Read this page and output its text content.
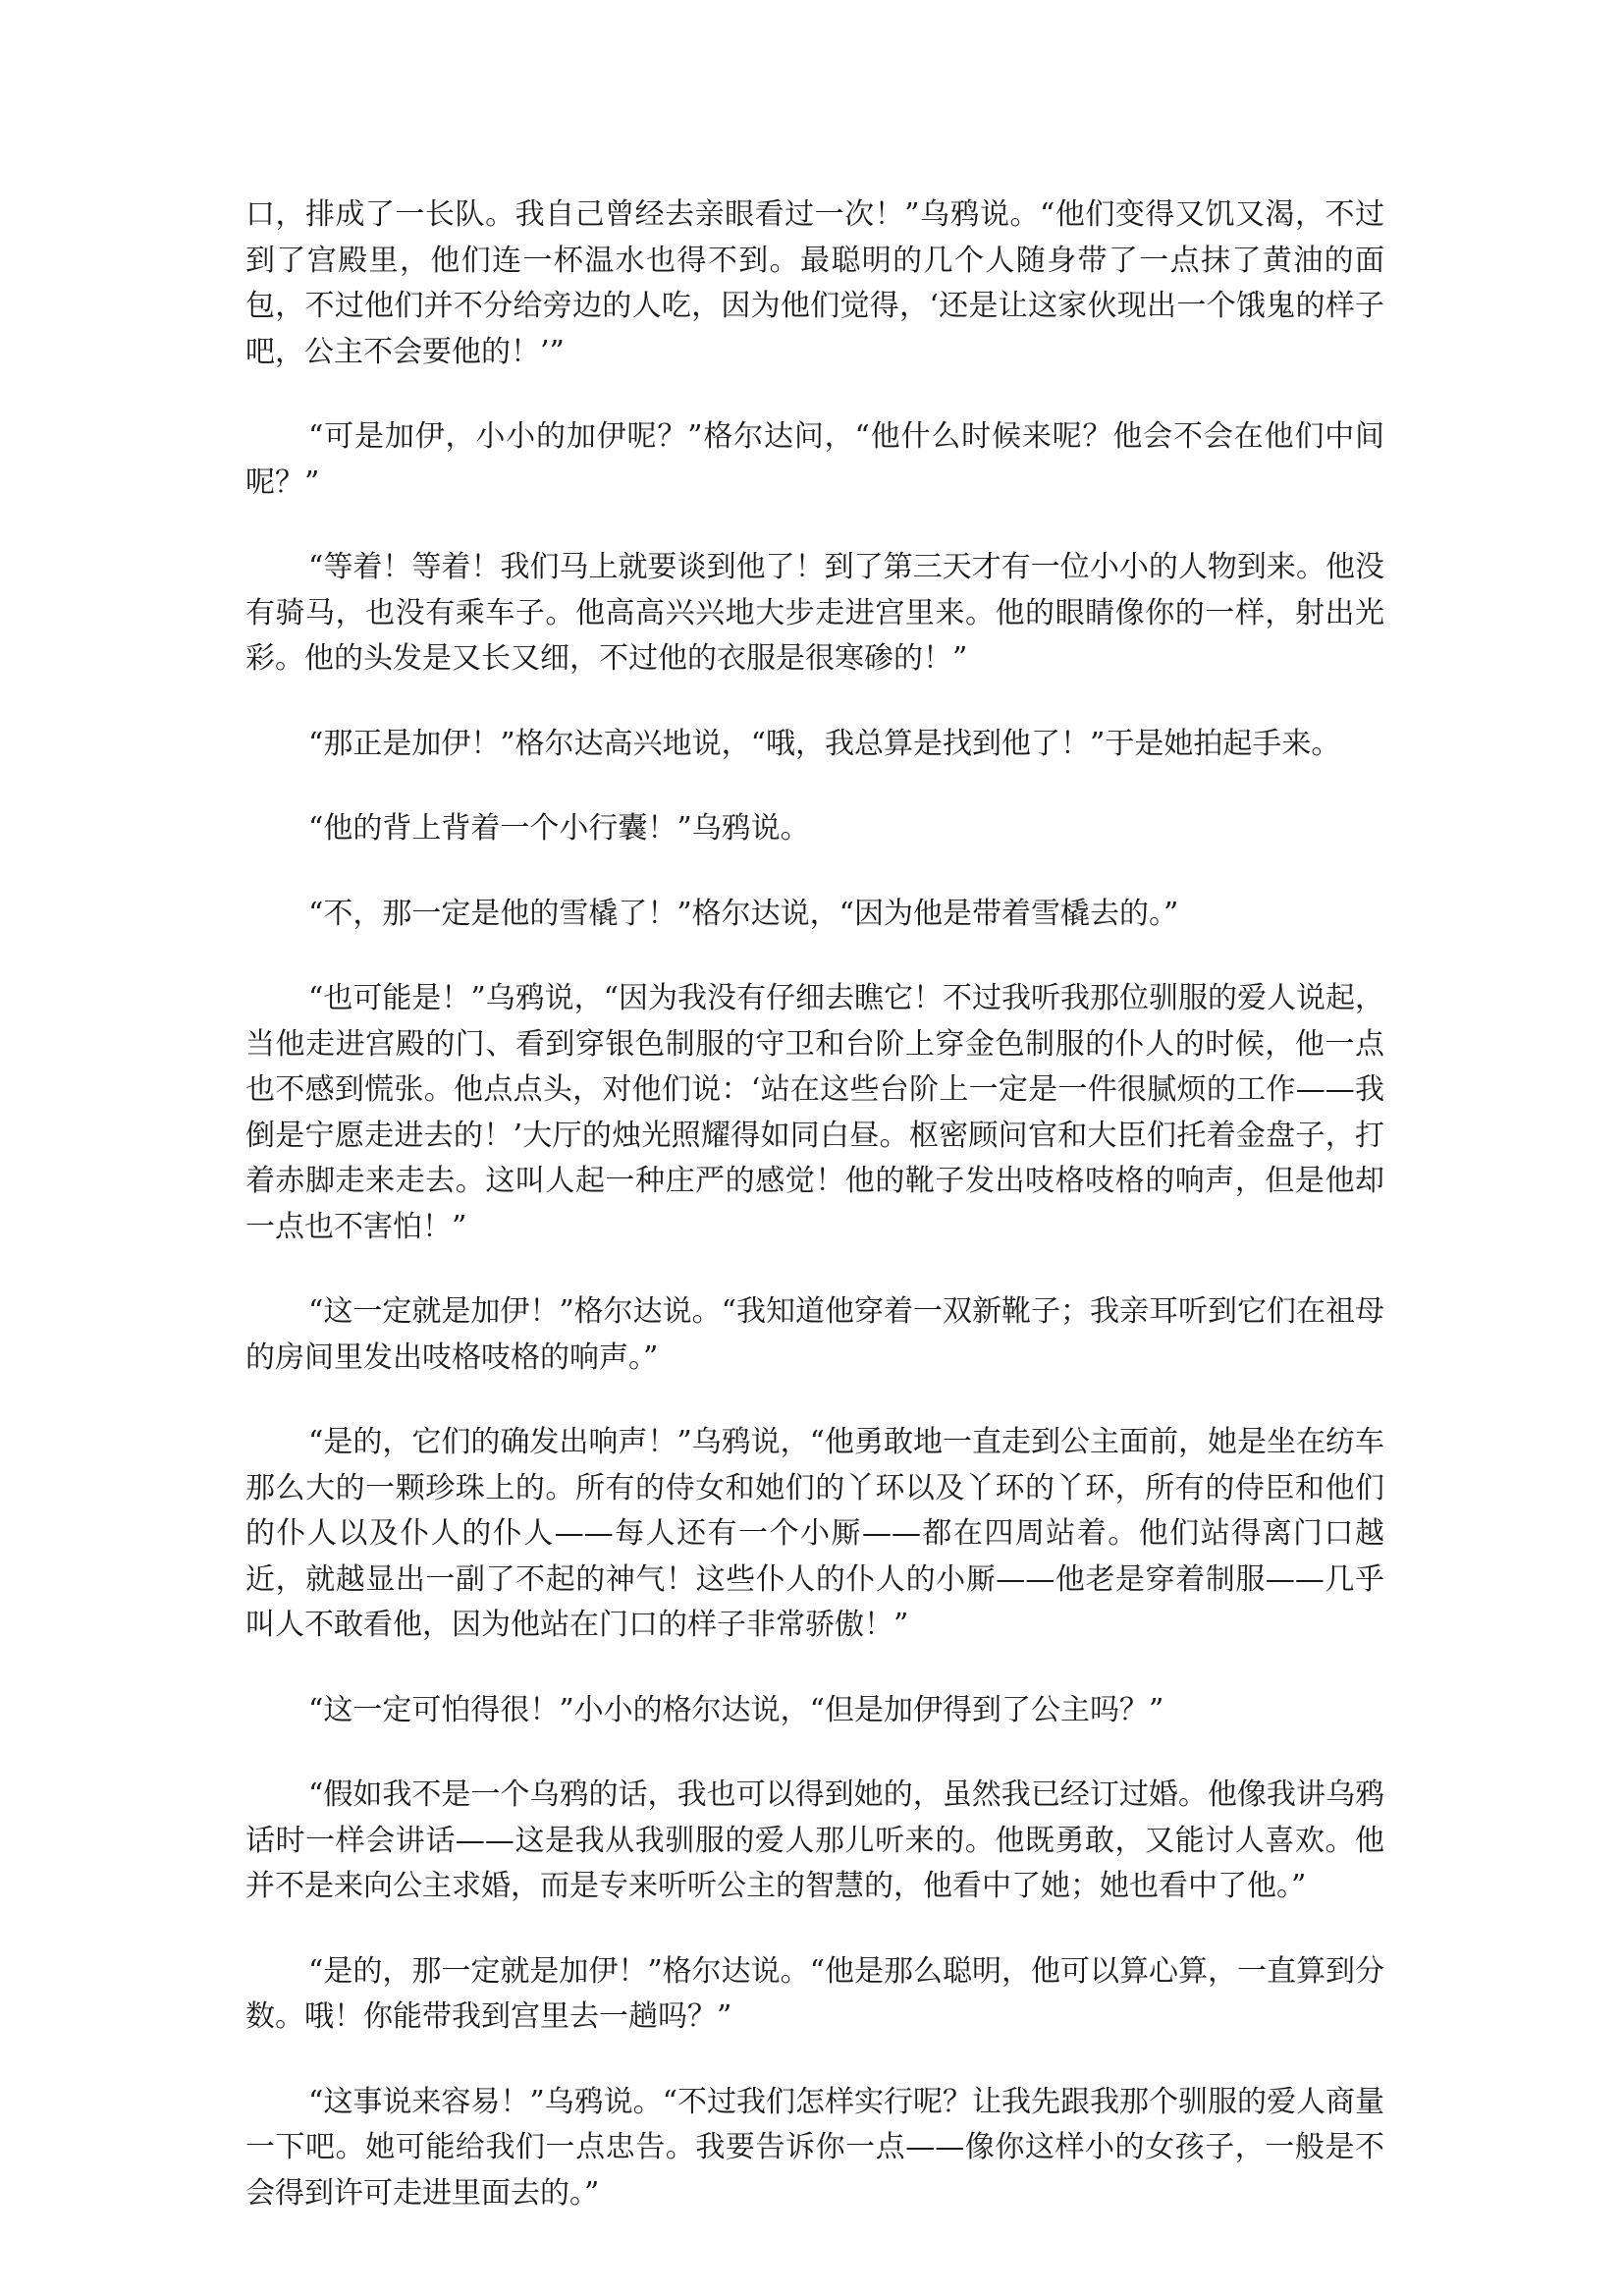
口，排成了一长队。我自己曾经去亲眼看过一次！”乌鸦说。“他们变得又饥又渴，不过到了宫殿里，他们连一杯温水也得不到。最聪明的几个人随身带了一点抹了黄油的面包，不过他们并不分给旁边的人吃，因为他们觉得，‘还是让这家伙现出一个饿鬼的样子吧，公主不会要他的！’”

“可是加伊，小小的加伊呢？”格尔达问，“他什么时候来呢？他会不会在他们中间呢？”

“等着！等着！我们马上就要谈到他了！到了第三天才有一位小小的人物到来。他没有骑马，也没有乘车子。他高高兴兴地大步走进宫里来。他的眼睛像你的一样，射出光彩。他的头发是又长又细，不过他的衣服是很寒碜的！”

“那正是加伊！”格尔达高兴地说，“哦，我总算是找到他了！”于是她拍起手来。

“他的背上背着一个小行囊！”乌鸦说。

“不，那一定是他的雪橇了！”格尔达说，“因为他是带着雪橇去的。”

“也可能是！”乌鸦说，“因为我没有仔细去瞧它！不过我听我那位驯服的爱人说起，当他走进宫殿的门、看到穿银色制服的守卫和台阶上穿金色制服的仆人的时候，他一点也不感到慌张。他点点头，对他们说：‘站在这些台阶上一定是一件很腻烦的工作——我倒是宁愿走进去的！’大厅的烛光照耀得如同白昼。枢密顾问官和大臣们托着金盘子，打着赤脚走来走去。这叫人起一种庄严的感觉！他的靴子发出吱格吱格的响声，但是他却一点也不害怕！”

“这一定就是加伊！”格尔达说。“我知道他穿着一双新靴子；我亲耳听到它们在祖母的房间里发出吱格吱格的响声。”

“是的，它们的确发出响声！”乌鸦说，“他勇敢地一直走到公主面前，她是坐在纺车那么大的一颗珍珠上的。所有的侍女和她们的丫环以及丫环的丫环，所有的侍臣和他们的仆人以及仆人的仆人——每人还有一个小厮——都在四周站着。他们站得离门口越近，就越显出一副了不起的神气！这些仆人的仆人的小厮——他老是穿着制服——几乎叫人不敢看他，因为他站在门口的样子非常骄傲！”

“这一定可怕得很！”小小的格尔达说，“但是加伊得到了公主吗？”

“假如我不是一个乌鸦的话，我也可以得到她的，虽然我已经订过婚。他像我讲乌鸦话时一样会讲话——这是我从我驯服的爱人那儿听来的。他既勇敢，又能讨人喜欢。他并不是来向公主求婚，而是专来听听公主的智慧的，他看中了她；她也看中了他。”

“是的，那一定就是加伊！”格尔达说。“他是那么聪明，他可以算心算，一直算到分数。哦！你能带我到宫里去一趟吗？”

“这事说来容易！”乌鸦说。“不过我们怎样实行呢？让我先跟我那个驯服的爱人商量一下吧。她可能给我们一点忠告。我要告诉你一点——像你这样小的女孩子，一般是不会得到许可走进里面去的。”
